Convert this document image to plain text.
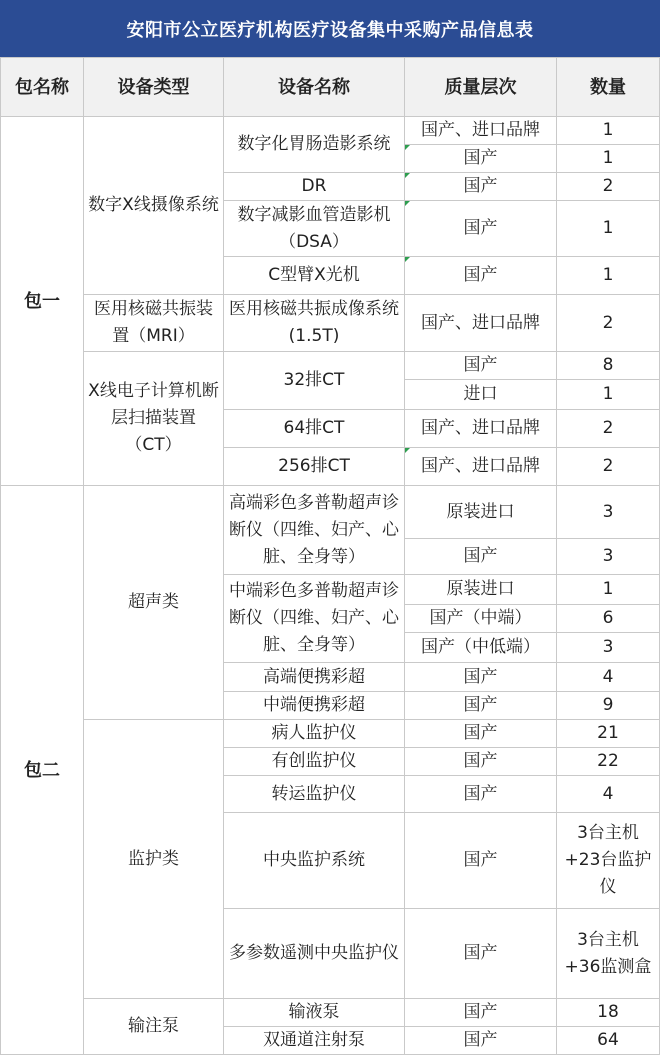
安阳市公立医疗机构医疗设备集中采购产品信息表
包名称	设备类型	设备名称	质量层次	数量
包一	数字X线摄像系统	数字化胃肠造影系统	国产、进口品牌	1
			国产	1
		DR	国产	2
		数字减影血管造影机（DSA）	国产	1
		C型臂X光机	国产	1
	医用核磁共振装置（MRI）	医用核磁共振成像系统(1.5T)	国产、进口品牌	2
	X线电子计算机断层扫描装置（CT）	32排CT	国产	8
			进口	1
		64排CT	国产、进口品牌	2
		256排CT	国产、进口品牌	2

包二	超声类	高端彩色多普勒超声诊断仪（四维、妇产、心脏、全身等）	原装进口	3
			国产	3
		中端彩色多普勒超声诊断仪（四维、妇产、心脏、全身等）	原装进口	1
			国产（中端）	6
			国产（中低端）	3
		高端便携彩超	国产	4
		中端便携彩超	国产	9
	监护类	病人监护仪	国产	21
		有创监护仪	国产	22
		转运监护仪	国产	4
		中央监护系统	国产	3台主机+23台监护仪
		多参数遥测中央监护仪	国产	3台主机+36监测盒
	输注泵	输液泵	国产	18
		双通道注射泵	国产	64
